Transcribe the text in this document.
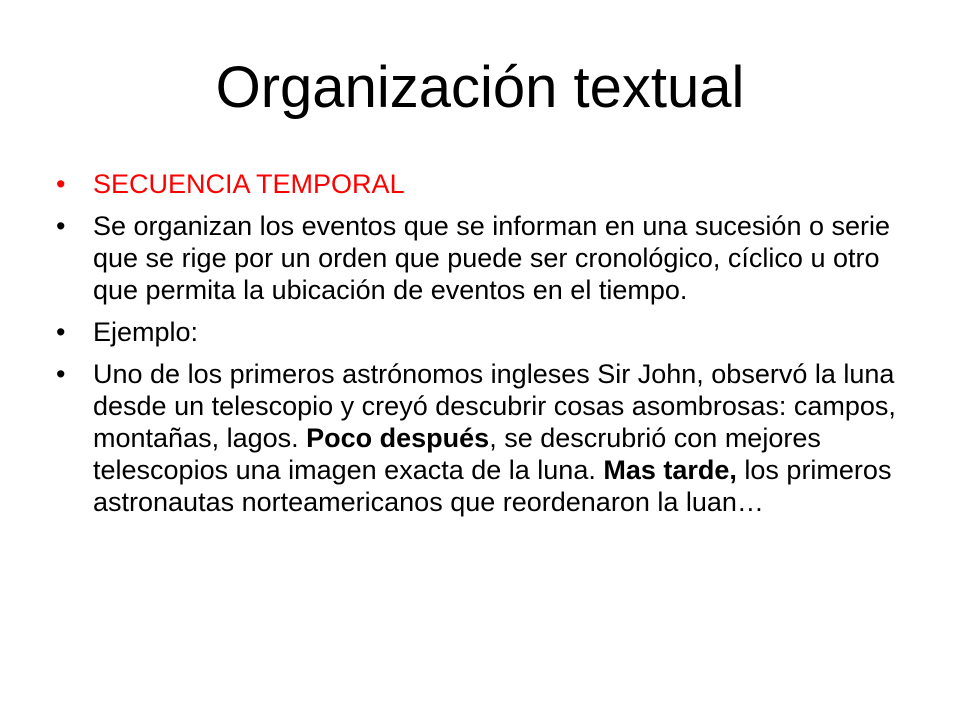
Organización textual
•	SECUENCIA TEMPORAL
•	Se organizan los eventos que se informan en una sucesión o serie que se rige por un orden que puede ser cronológico, cíclico u otro que permita la ubicación de eventos en el tiempo.
•	Ejemplo:
•	Uno de los primeros astrónomos ingleses Sir John, observó la luna desde un telescopio y creyó descubrir cosas asombrosas: campos, montañas, lagos. Poco después, se descrubrió con mejores telescopios una imagen exacta de la luna. Mas tarde, los primeros astronautas norteamericanos que reordenaron la luan…
